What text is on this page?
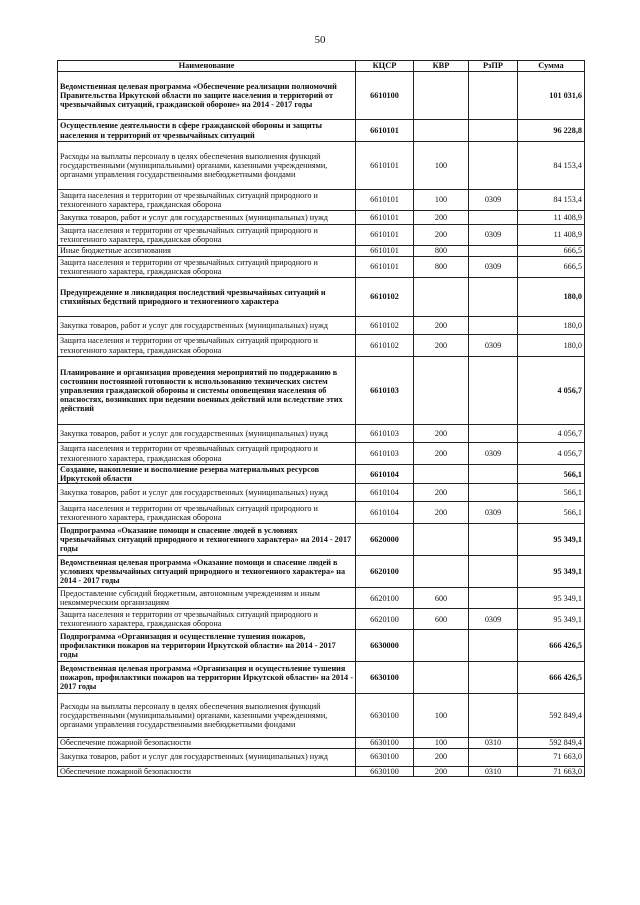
50
Наименование	КЦСР	КВР	РзПР	Сумма
Ведомственная целевая программа «Обеспечение реализации полномочий Правительства Иркутской области по защите населения и территорий от чрезвычайных ситуаций, гражданской обороне» на 2014 - 2017 годы	6610100			101 031,6
Осуществление деятельности в сфере гражданской обороны и защиты населения и территорий от чрезвычайных ситуаций	6610101			96 228,8
Расходы на выплаты персоналу в целях обеспечения выполнения функций государственными (муниципальными) органами, казенными учреждениями, органами управления государственными внебюджетными фондами	6610101	100		84 153,4
Защита населения и территории от чрезвычайных ситуаций природного и техногенного характера, гражданская оборона	6610101	100	0309	84 153,4
Закупка товаров, работ и услуг для государственных (муниципальных) нужд	6610101	200		11 408,9
Защита населения и территории от чрезвычайных ситуаций природного и техногенного характера, гражданская оборона	6610101	200	0309	11 408,9
Иные бюджетные ассигнования	6610101	800		666,5
Защита населения и территории от чрезвычайных ситуаций природного и техногенного характера, гражданская оборона	6610101	800	0309	666,5
Предупреждение и ликвидация последствий чрезвычайных ситуаций и стихийных бедствий природного и техногенного характера	6610102			180,0
Закупка товаров, работ и услуг для государственных (муниципальных) нужд	6610102	200		180,0
Защита населения и территории от чрезвычайных ситуаций природного и техногенного характера, гражданская оборона	6610102	200	0309	180,0
Планирование и организация проведения мероприятий по поддержанию в состоянии постоянной готовности к использованию технических систем управления гражданской обороны и системы оповещения населения об опасностях, возникших при ведении военных действий или вследствие этих действий	6610103			4 056,7
Закупка товаров, работ и услуг для государственных (муниципальных) нужд	6610103	200		4 056,7
Защита населения и территории от чрезвычайных ситуаций природного и техногенного характера, гражданская оборона	6610103	200	0309	4 056,7
Создание, накопление и восполнение резерва материальных ресурсов Иркутской области	6610104			566,1
Закупка товаров, работ и услуг для государственных (муниципальных) нужд	6610104	200		566,1
Защита населения и территории от чрезвычайных ситуаций природного и техногенного характера, гражданская оборона	6610104	200	0309	566,1
Подпрограмма «Оказание помощи и спасение людей в условиях чрезвычайных ситуаций природного и техногенного характера» на 2014 - 2017 годы	6620000			95 349,1
Ведомственная целевая программа «Оказание помощи и спасение людей в условиях чрезвычайных ситуаций природного и техногенного характера» на 2014 - 2017 годы	6620100			95 349,1
Предоставление субсидий бюджетным, автономным учреждениям и иным некоммерческим организациям	6620100	600		95 349,1
Защита населения и территории от чрезвычайных ситуаций природного и техногенного характера, гражданская оборона	6620100	600	0309	95 349,1
Подпрограмма «Организация и осуществление тушения пожаров, профилактики пожаров на территории Иркутской области» на 2014 - 2017 годы	6630000			666 426,5
Ведомственная целевая программа «Организация и осуществление тушения пожаров, профилактики пожаров на территории Иркутской области» на 2014 - 2017 годы	6630100			666 426,5
Расходы на выплаты персоналу в целях обеспечения выполнения функций государственными (муниципальными) органами, казенными учреждениями, органами управления государственными внебюджетными фондами	6630100	100		592 849,4
Обеспечение пожарной безопасности	6630100	100	0310	592 849,4
Закупка товаров, работ и услуг для государственных (муниципальных) нужд	6630100	200		71 663,0
Обеспечение пожарной безопасности	6630100	200	0310	71 663,0
